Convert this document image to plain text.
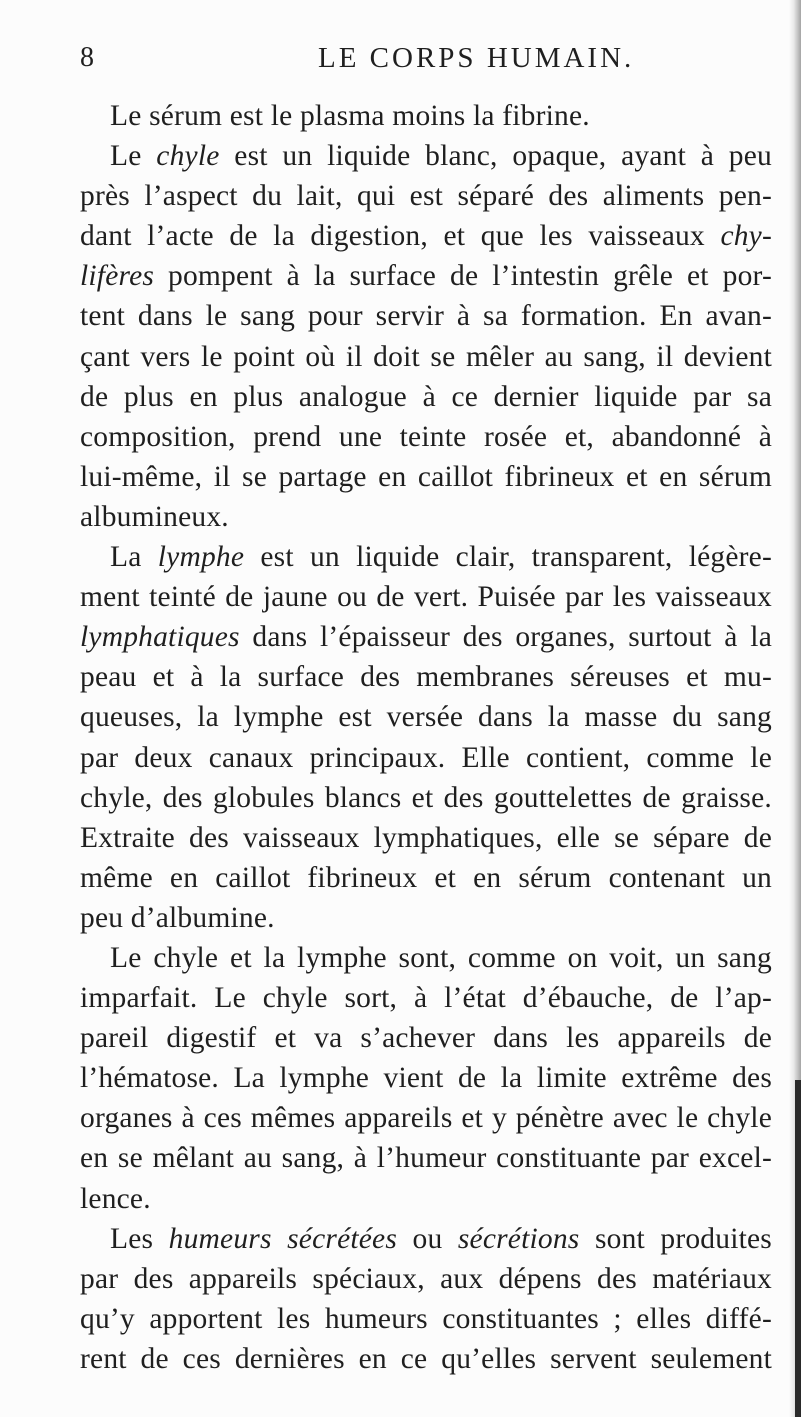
8	LE CORPS HUMAIN.
Le sérum est le plasma moins la fibrine.
Le chyle est un liquide blanc, opaque, ayant à peu
près l’aspect du lait, qui est séparé des aliments pen-
dant l’acte de la digestion, et que les vaisseaux chy-
lifères pompent à la surface de l’intestin grêle et por-
tent dans le sang pour servir à sa formation. En avan-
çant vers le point où il doit se mêler au sang, il devient
de plus en plus analogue à ce dernier liquide par sa
composition, prend une teinte rosée et, abandonné à
lui-même, il se partage en caillot fibrineux et en sérum
albumineux.
La lymphe est un liquide clair, transparent, légère-
ment teinté de jaune ou de vert. Puisée par les vaisseaux
lymphatiques dans l’épaisseur des organes, surtout à la
peau et à la surface des membranes séreuses et mu-
queuses, la lymphe est versée dans la masse du sang
par deux canaux principaux. Elle contient, comme le
chyle, des globules blancs et des gouttelettes de graisse.
Extraite des vaisseaux lymphatiques, elle se sépare de
même en caillot fibrineux et en sérum contenant un
peu d’albumine.
Le chyle et la lymphe sont, comme on voit, un sang
imparfait. Le chyle sort, à l’état d’ébauche, de l’ap-
pareil digestif et va s’achever dans les appareils de
l’hématose. La lymphe vient de la limite extrême des
organes à ces mêmes appareils et y pénètre avec le chyle
en se mêlant au sang, à l’humeur constituante par excel-
lence.
Les humeurs sécrétées ou sécrétions sont produites
par des appareils spéciaux, aux dépens des matériaux
qu’y apportent les humeurs constituantes ; elles diffé-
rent de ces dernières en ce qu’elles servent seulement
